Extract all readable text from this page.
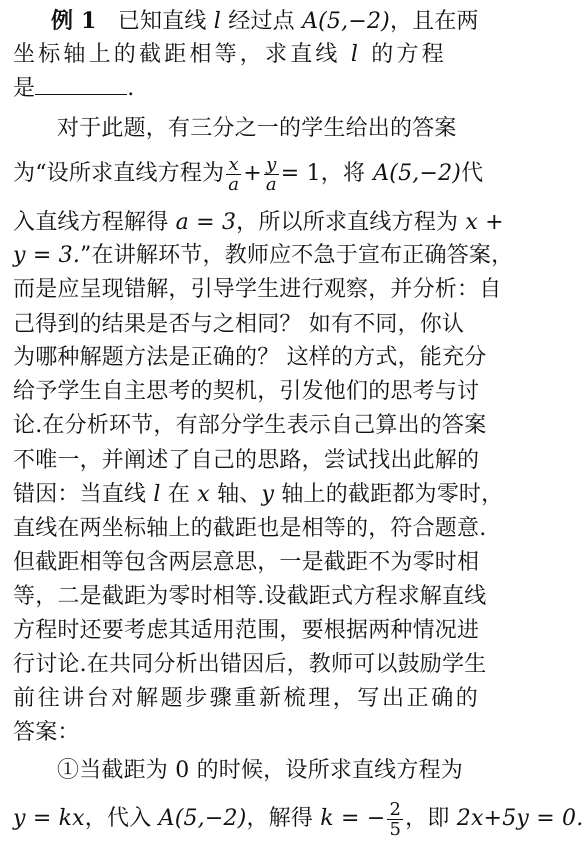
例 1 已知直线 l 经过点 A(5,−2)，且在两
坐标轴上的截距相等，求直线 l 的方程
是	.
对于此题，有三分之一的学生给出的答案
为“设所求直线方程为 $\frac{x}{a} + \frac{y}{a} = 1$，将 A(5,−2)代
入直线方程解得 a = 3，所以所求直线方程为 x +
y = 3.”在讲解环节，教师应不急于宣布正确答案，
而是应呈现错解，引导学生进行观察，并分析：自
己得到的结果是否与之相同？ 如有不同，你认
为哪种解题方法是正确的？ 这样的方式，能充分
给予学生自主思考的契机，引发他们的思考与讨
论.在分析环节，有部分学生表示自己算出的答案
不唯一，并阐述了自己的思路，尝试找出此解的
错因：当直线 l 在 x 轴、y 轴上的截距都为零时，
直线在两坐标轴上的截距也是相等的，符合题意.
但截距相等包含两层意思，一是截距不为零时相
等，二是截距为零时相等.设截距式方程求解直线
方程时还要考虑其适用范围，要根据两种情况进
行讨论.在共同分析出错因后，教师可以鼓励学生
前往讲台对解题步骤重新梳理，写出正确的
答案：
①当截距为 0 的时候，设所求直线方程为
y = kx，代入 A(5,−2)，解得 k = − $\frac{2}{5}$ ，即 2x+5y = 0.
